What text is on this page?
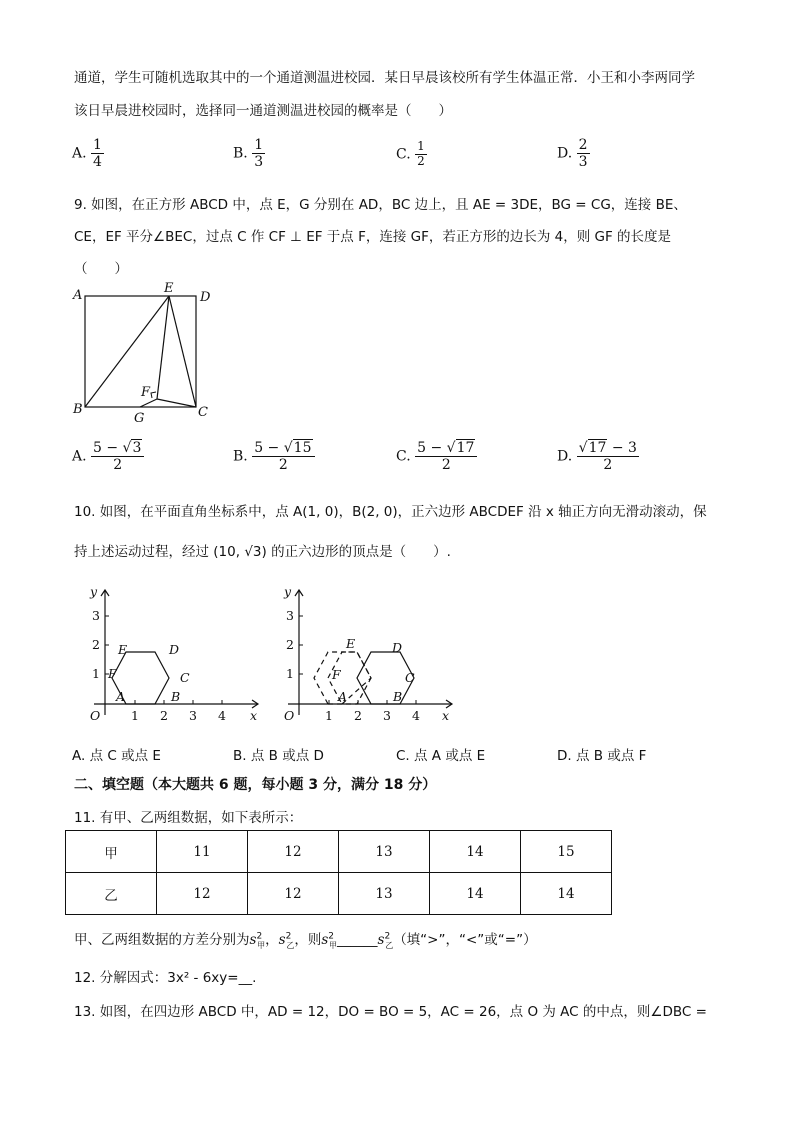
通道，学生可随机选取其中的一个通道测温进校园．某日早晨该校所有学生体温正常．小王和小李两同学
该日早晨进校园时，选择同一通道测温进校园的概率是（　　）
A. $\frac{1}{4}$	B. $\frac{1}{3}$	C. $\frac{1}{2}$	D. $\frac{2}{3}$
9. 如图，在正方形 ABCD 中，点 E，G 分别在 AD，BC 边上，且 AE = 3DE，BG = CG，连接 BE、
CE，EF 平分∠BEC，过点 C 作 CF ⊥ EF 于点 F，连接 GF，若正方形的边长为 4，则 GF 的长度是
（　　）
A	E
D
B
F
G	C
A. $\frac{5 - √3}{2}$	B. $\frac{5 - √15}{2}$	C. $\frac{5 - √17}{2}$	D. $\frac{√17 - 3}{2}$
10. 如图，在平面直角坐标系中，点 A(1, 0)，B(2, 0)，正六边形 ABCDEF 沿 x 轴正方向无滑动滚动，保
持上述运动过程，经过 (10, √3) 的正六边形的顶点是（　　）.
y
x
O
1
2
3
1 2 3 4
A	B
C
D
E
F
y
x
O
1
2
3
1 2 3 4
A	B
C
D
E
F
A. 点 C 或点 E	B. 点 B 或点 D	C. 点 A 或点 E	D. 点 B 或点 F
二、填空题（本大题共 6 题，每小题 3 分，满分 18 分）
11. 有甲、乙两组数据，如下表所示：
甲	11	12	13	14	15
乙	12	12	13	14	14
甲、乙两组数据的方差分别为$s^2_甲$，$s^2_乙$，则$s^2_甲\_\_\_\_\_\_s^2_乙$（填“>”，“<”或“=”）
12. 分解因式：3x² - 6xy=__.
13. 如图，在四边形 ABCD 中，AD = 12，DO = BO = 5，AC = 26，点 O 为 AC 的中点，则∠DBC =
